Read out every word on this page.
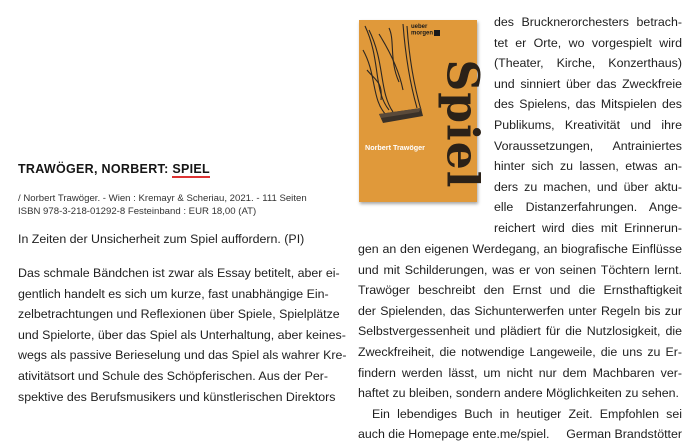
TRAWÖGER, NORBERT: SPIEL
/ Norbert Trawöger. - Wien : Kremayr & Scheriau, 2021. - 111 Seiten
ISBN 978-3-218-01292-8 Festeinband : EUR 18,00 (AT)
In Zeiten der Unsicherheit zum Spiel auffordern. (PI)
Das schmale Bändchen ist zwar als Essay betitelt, aber ei-
gentlich handelt es sich um kurze, fast unabhängige Ein-
zelbetrachtungen und Reflexionen über Spiele, Spielplätze
und Spielorte, über das Spiel als Unterhaltung, aber keines-
wegs als passive Berieselung und das Spiel als wahrer Kre-
ativitätsort und Schule des Schöpferischen. Aus der Per-
spektive des Berufsmusikers und künstlerischen Direktors
ueber
morgen
Norbert Trawöger Spiel
des Brucknerorchesters betrach-
tet er Orte, wo vorgespielt wird
(Theater, Kirche, Konzerthaus)
und sinniert über das Zweckfreie
des Spielens, das Mitspielen des
Publikums, Kreativität und ihre
Voraussetzungen, Antrainiertes
hinter sich zu lassen, etwas an-
ders zu machen, und über aktu-
elle Distanzerfahrungen. Ange-
reichert wird dies mit Erinnerun-
gen an den eigenen Werdegang, an biografische Einflüsse
und mit Schilderungen, was er von seinen Töchtern lernt.
Trawöger beschreibt den Ernst und die Ernsthaftigkeit
der Spielenden, das Sichunterwerfen unter Regeln bis zur
Selbstvergessenheit und plädiert für die Nutzlosigkeit, die
Zweckfreiheit, die notwendige Langeweile, die uns zu Er-
findern werden lässt, um nicht nur dem Machbaren ver-
haftet zu bleiben, sondern andere Möglichkeiten zu sehen.
Ein lebendiges Buch in heutiger Zeit. Empfohlen sei
auch die Homepage ente.me/spiel. German Brandstötter
